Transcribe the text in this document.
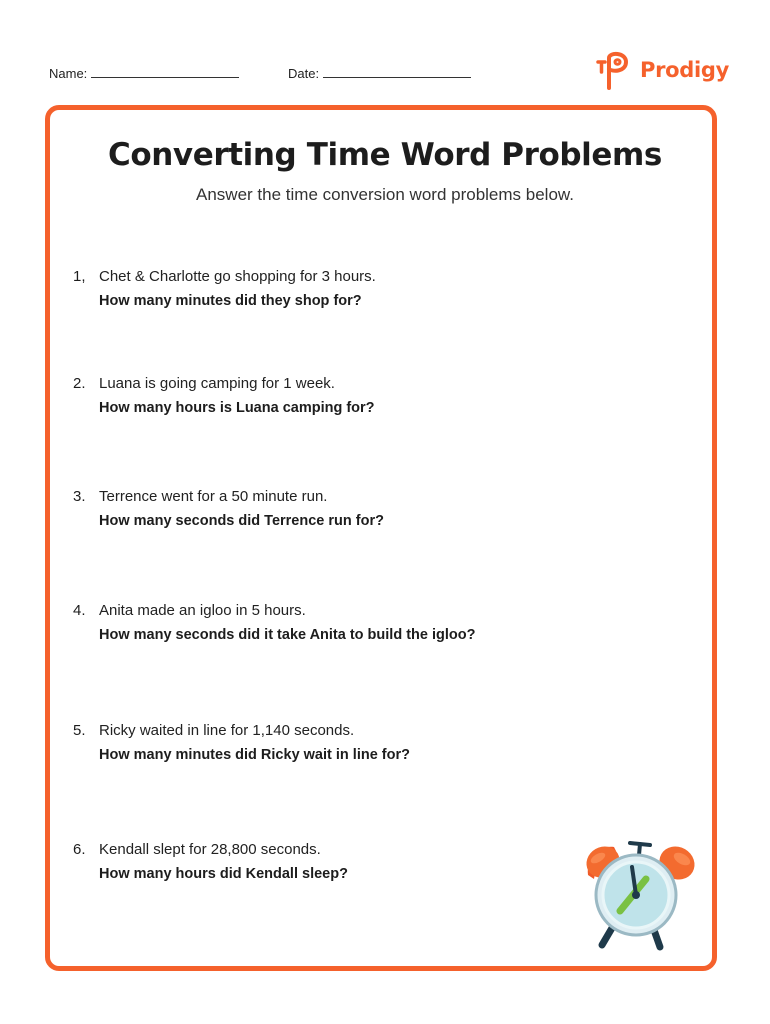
Name:	Date:	Prodigy
Converting Time Word Problems
Answer the time conversion word problems below.
1, Chet & Charlotte go shopping for 3 hours.
How many minutes did they shop for?
2. Luana is going camping for 1 week.
How many hours is Luana camping for?
3. Terrence went for a 50 minute run.
How many seconds did Terrence run for?
4. Anita made an igloo in 5 hours.
How many seconds did it take Anita to build the igloo?
5. Ricky waited in line for 1,140 seconds.
How many minutes did Ricky wait in line for?
6. Kendall slept for 28,800 seconds.
How many hours did Kendall sleep?
